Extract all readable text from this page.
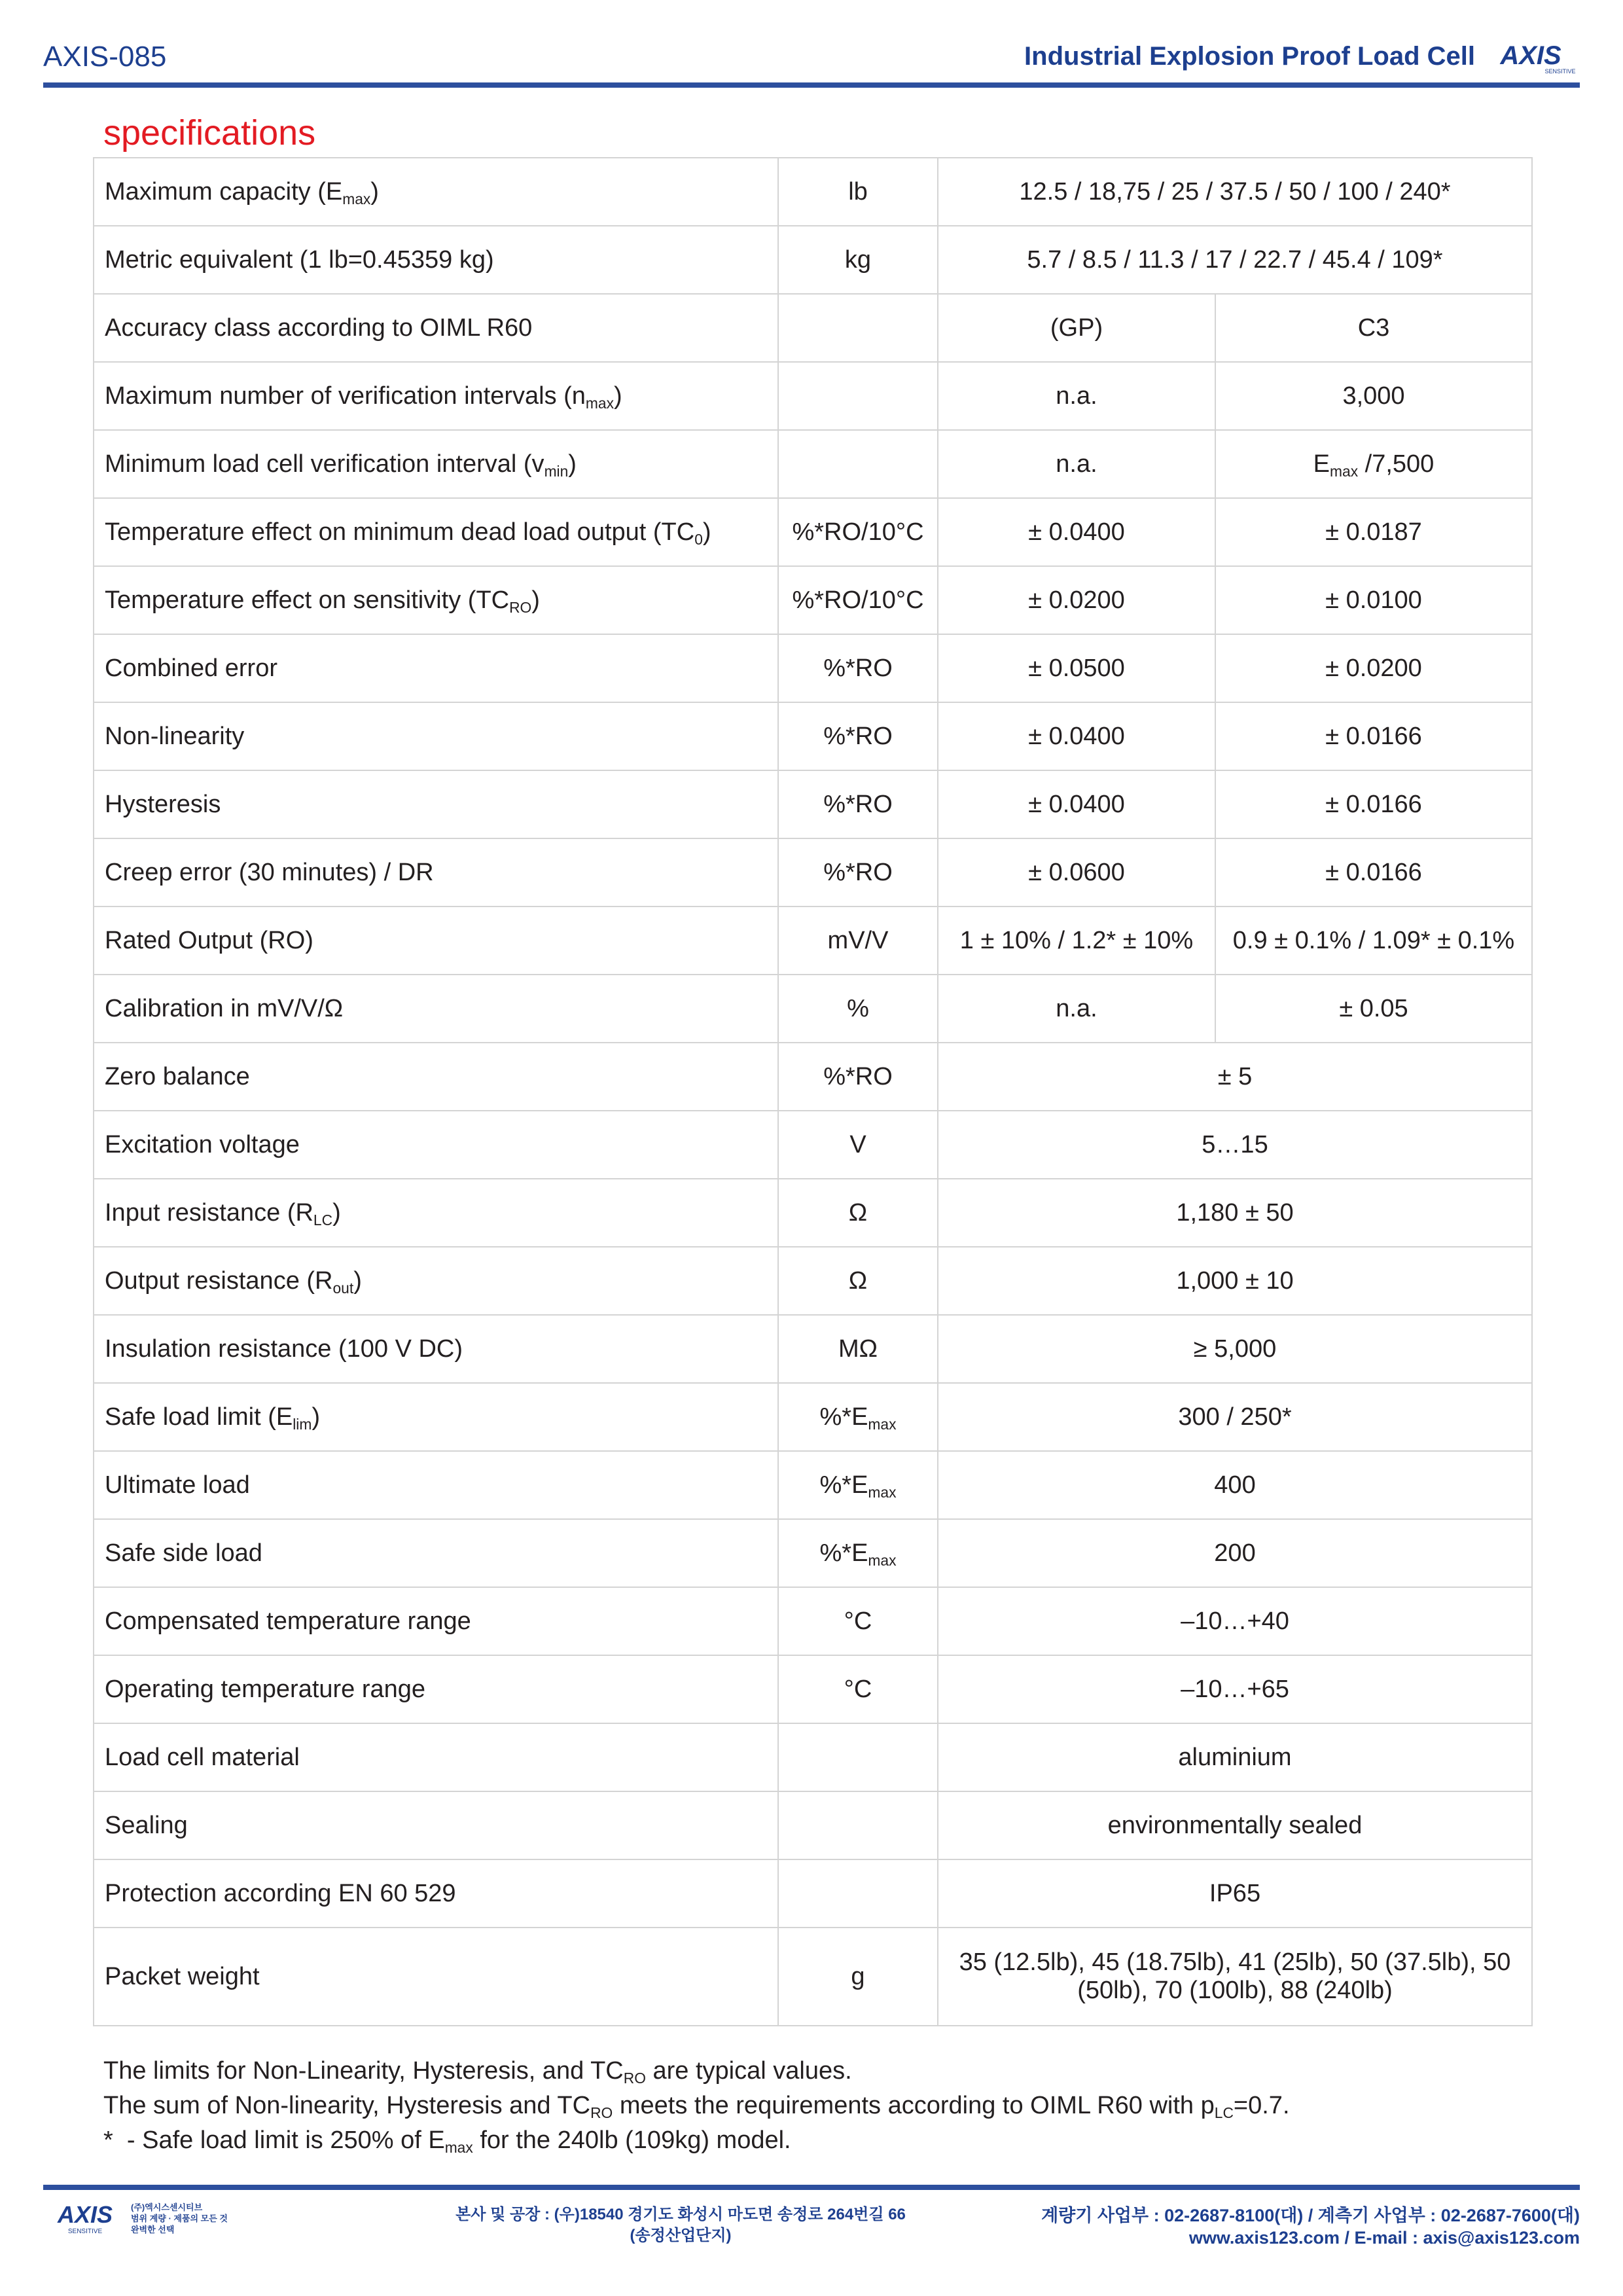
AXIS-085	Industrial Explosion Proof Load Cell AXIS
SENSITIVE
specifications
Maximum capacity $(E_{max})$	lb	12.5 / 18,75 / 25 / 37.5 / 50 / 100 / 240*	
Metric equivalent (1 lb=0.45359 kg)	kg	5.7 / 8.5 / 11.3 / 17 / 22.7 / 45.4 / 109*	
Accuracy class according to OIML R60		(GP)	C3
Maximum number of verification intervals $(n_{max})$		n.a.	3,000
Minimum load cell verification interval $(v_{min})$		n.a.	$E_{max}$ /7,500
Temperature effect on minimum dead load output $(TC_0)$	%*RO/10°C	± 0.0400	± 0.0187
Temperature effect on sensitivity $(TC_{RO})$	%*RO/10°C	± 0.0200	± 0.0100
Combined error	%*RO	± 0.0500	± 0.0200
Non-linearity	%*RO	± 0.0400	± 0.0166
Hysteresis	%*RO	± 0.0400	± 0.0166
Creep error (30 minutes) / DR	%*RO	± 0.0600	± 0.0166
Rated Output (RO)	mV/V	1 ± 10% / 1.2* ± 10%	0.9 ± 0.1% / 1.09* ± 0.1%
Calibration in mV/V/Ω	%	n.a.	± 0.05
Zero balance	%*RO	± 5	
Excitation voltage	V	5…15	
Input resistance $(R_{LC})$	Ω	1,180 ± 50	
Output resistance $(R_{out})$	Ω	1,000 ± 10	
Insulation resistance (100 V DC)	MΩ	≥ 5,000	
Safe load limit $(E_{lim})$	$\%*E_{max}$	300 / 250*	
Ultimate load	$\%*E_{max}$	400	
Safe side load	$\%*E_{max}$	200	
Compensated temperature range	°C	–10…+40	
Operating temperature range	°C	–10…+65	
Load cell material		aluminium	
Sealing		environmentally sealed	
Protection according EN 60 529		IP65	
Packet weight	g	35 (12.5lb), 45 (18.75lb), 41 (25lb), 50 (37.5lb), 50
(50lb), 70 (100lb), 88 (240lb)	
The limits for Non-Linearity, Hysteresis, and $TC_{RO}$ are typical values.
The sum of Non-linearity, Hysteresis and $TC_{RO}$ meets the requirements according to OIML R60 with $p_{LC}=0.7$.
*  - Safe load limit is 250% of $E_{max}$ for the 240lb (109kg) model.
AXIS
SENSITIVE
(주)엑시스센시티브
범위 계량 · 제품의 모든 것
완벽한 선택
본사 및 공장 : (우)18540 경기도 화성시 마도면 송정로 264번길 66
(송정산업단지)
계량기 사업부 : 02-2687-8100(대) / 계측기 사업부 : 02-2687-7600(대)
www.axis123.com / E-mail : axis@axis123.com
